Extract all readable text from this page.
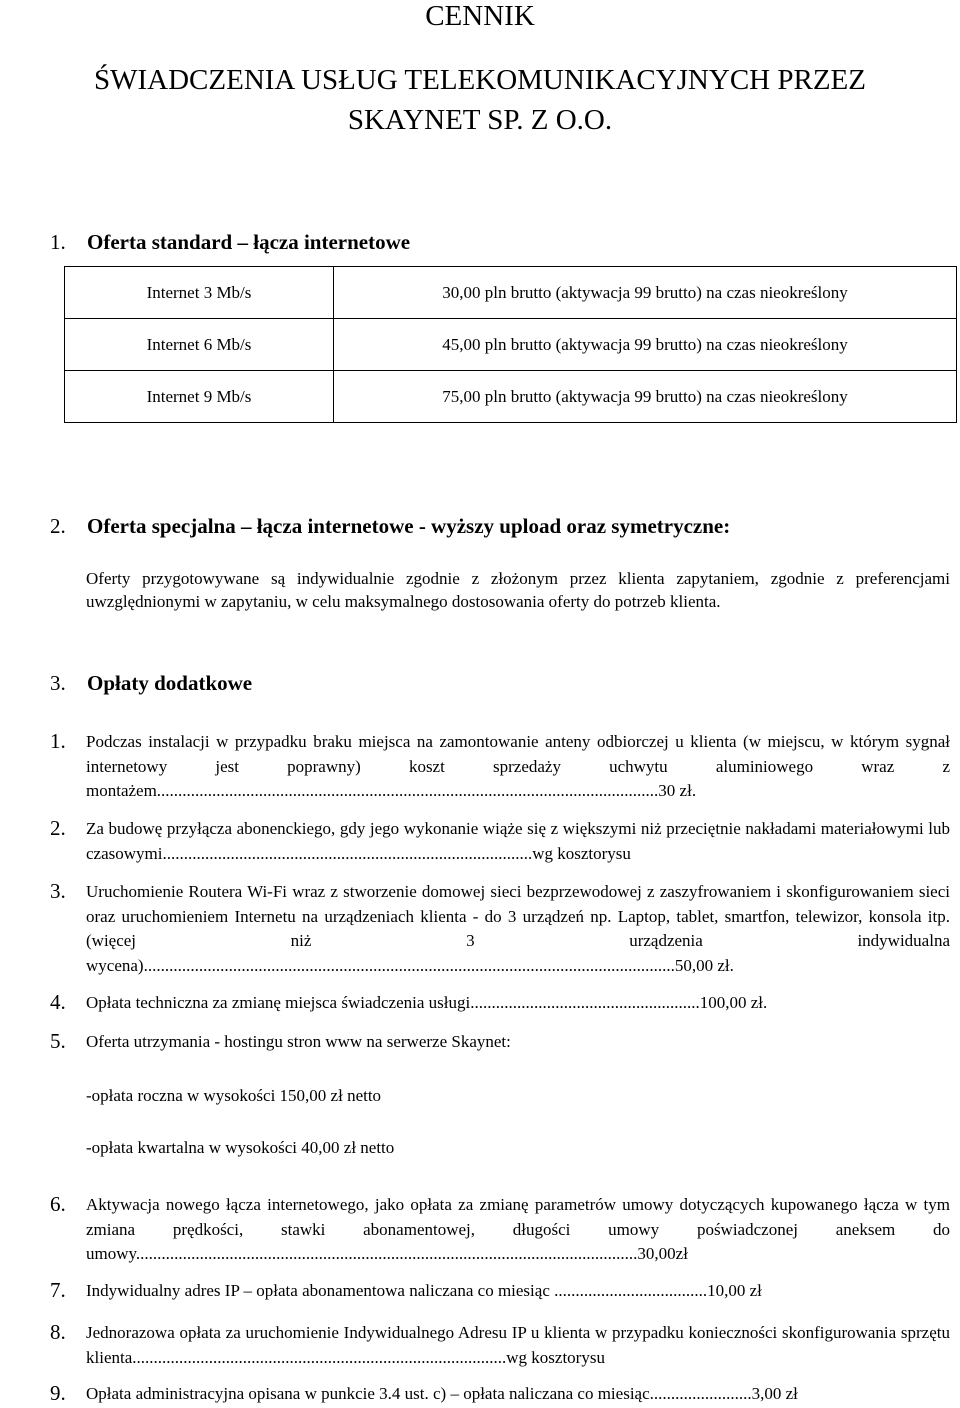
CENNIK
ŚWIADCZENIA USŁUG TELEKOMUNIKACYJNYCH PRZEZ
SKAYNET SP. Z O.O.
1. Oferta standard – łącza internetowe
Internet 3 Mb/s	30,00 pln brutto (aktywacja 99 brutto) na czas nieokreślony
Internet 6 Mb/s	45,00 pln brutto (aktywacja 99 brutto) na czas nieokreślony
Internet 9 Mb/s	75,00 pln brutto (aktywacja 99 brutto) na czas nieokreślony
2. Oferta specjalna – łącza internetowe - wyższy upload oraz symetryczne:
Oferty przygotowywane są indywidualnie zgodnie z złożonym przez klienta zapytaniem, zgodnie z preferencjami uwzględnionymi w zapytaniu, w celu maksymalnego dostosowania oferty do potrzeb klienta.
3. Opłaty dodatkowe
1. Podczas instalacji w przypadku braku miejsca na zamontowanie anteny odbiorczej u klienta (w miejscu, w którym sygnał internetowy jest poprawny) koszt sprzedaży uchwytu aluminiowego wraz z montażem......................................................................................................................30 zł.
2. Za budowę przyłącza abonenckiego, gdy jego wykonanie wiąże się z większymi niż przeciętnie nakładami materiałowymi lub czasowymi.......................................................................................wg kosztorysu
3. Uruchomienie Routera Wi-Fi wraz z stworzenie domowej sieci bezprzewodowej z zaszyfrowaniem i skonfigurowaniem sieci oraz uruchomieniem Internetu na urządzeniach klienta - do 3 urządzeń np. Laptop, tablet, smartfon, telewizor, konsola itp. (więcej niż 3 urządzenia indywidualna wycena).............................................................................................................................50,00 zł.
4. Opłata techniczna za zmianę miejsca świadczenia usługi......................................................100,00 zł.
5. Oferta utrzymania - hostingu stron www na serwerze Skaynet:
-opłata roczna w wysokości 150,00 zł netto
-opłata kwartalna w wysokości 40,00 zł netto
6. Aktywacja nowego łącza internetowego, jako opłata za zmianę parametrów umowy dotyczących kupowanego łącza w tym zmiana prędkości, stawki abonamentowej, długości umowy poświadczonej aneksem do umowy......................................................................................................................30,00zł
7. Indywidualny adres IP – opłata abonamentowa naliczana co miesiąc ....................................10,00 zł
8. Jednorazowa opłata za uruchomienie Indywidualnego Adresu IP u klienta w przypadku konieczności skonfigurowania sprzętu klienta........................................................................................wg kosztorysu
9. Opłata administracyjna opisana w punkcie 3.4 ust. c) – opłata naliczana co miesiąc........................3,00 zł
